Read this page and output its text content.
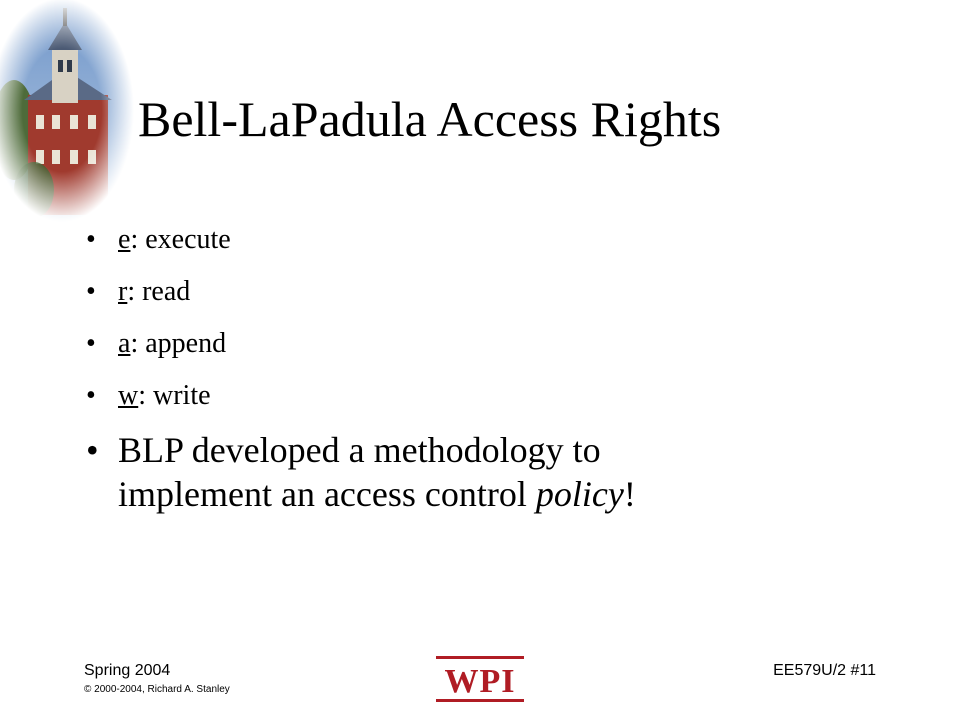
Bell-LaPadula Access Rights
• e: execute
• r: read
• a: append
• w: write
• BLP developed a methodology to
implement an access control policy!
Spring 2004
© 2000-2004, Richard A. Stanley	WPI	EE579U/2 #11
